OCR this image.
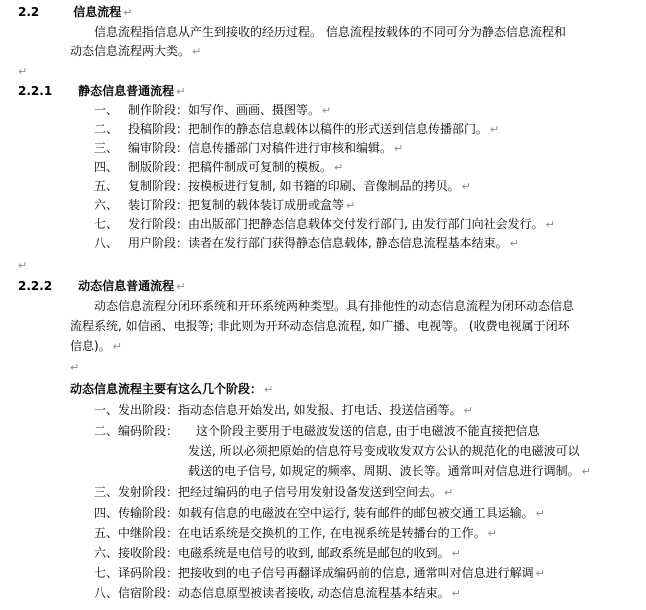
2.2	信息流程 ↵
信息流程指信息从产生到接收的经历过程。 信息流程按载体的不同可分为静态信息流程和
动态信息流程两大类。 ↵
↵
2.2.1 静态信息普通流程 ↵
一、 制作阶段：如写作、画画、摄图等。 ↵
二、 投稿阶段：把制作的静态信息载体以稿件的形式送到信息传播部门。 ↵
三、 编审阶段：信息传播部门对稿件进行审核和编辑。 ↵
四、 制版阶段：把稿件制成可复制的模板。 ↵
五、 复制阶段：按模板进行复制, 如书籍的印刷、音像制品的拷贝。 ↵
六、 装订阶段：把复制的载体装订成册或盒等 ↵
七、 发行阶段：由出版部门把静态信息载体交付发行部门, 由发行部门向社会发行。 ↵
八、 用户阶段：读者在发行部门获得静态信息载体, 静态信息流程基本结束。 ↵
↵
2.2.2 动态信息普通流程 ↵
动态信息流程分闭环系统和开环系统两种类型。具有排他性的动态信息流程为闭环动态信息
流程系统, 如信函、电报等; 非此则为开环动态信息流程, 如广播、电视等。 (收费电视属于闭环
信息)。 ↵
↵
动态信息流程主要有这么几个阶段： ↵
一、发出阶段：指动态信息开始发出, 如发报、打电话、投送信函等。 ↵
二、编码阶段： 这个阶段主要用于电磁波发送的信息, 由于电磁波不能直接把信息
发送, 所以必须把原始的信息符号变成收发双方公认的规范化的电磁波可以
载送的电子信号, 如规定的频率、周期、波长等。通常叫对信息进行调制。 ↵
三、发射阶段：把经过编码的电子信号用发射设备发送到空间去。 ↵
四、传输阶段：如载有信息的电磁波在空中运行, 装有邮件的邮包被交通工具运输。 ↵
五、中继阶段：在电话系统是交换机的工作, 在电视系统是转播台的工作。 ↵
六、接收阶段：电磁系统是电信号的收到, 邮政系统是邮包的收到。 ↵
七、译码阶段：把接收到的电子信号再翻译成编码前的信息, 通常叫对信息进行解调 ↵
八、信宿阶段：动态信息原型被读者接收, 动态信息流程基本结束。 ↵
